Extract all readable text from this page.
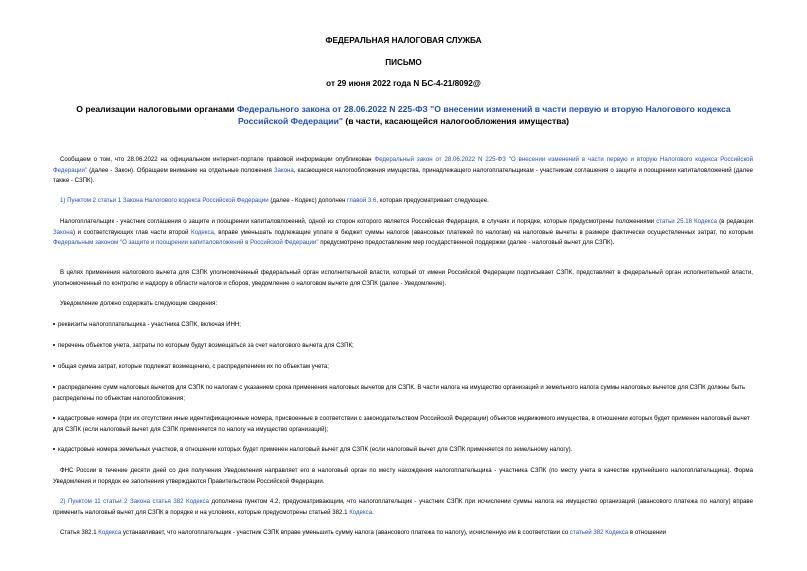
ФЕДЕРАЛЬНАЯ НАЛОГОВАЯ СЛУЖБА
ПИСЬМО
от 29 июня 2022 года N БС-4-21/8092@
О реализации налоговыми органами Федерального закона от 28.06.2022 N 225-ФЗ "О внесении изменений в части первую и вторую Налогового кодекса Российской Федерации" (в части, касающейся налогообложения имущества)
Сообщаем о том, что 28.06.2022 на официальном интернет-портале правовой информации опубликован Федеральный закон от 28.06.2022 N 225-ФЗ "О внесении изменений в части первую и вторую Налогового кодекса Российской Федерации" (далее - Закон). Обращаем внимание на отдельные положения Закона, касающиеся налогообложения имущества, принадлежащего налогоплательщикам - участникам соглашения о защите и поощрении капиталовложений (далее также - СЗПК).
1) Пунктом 2 статьи 1 Закона Налогового кодекса Российской Федерации (далее - Кодекс) дополнен главой 3.6, которая предусматривает следующее.
Налогоплательщик - участник соглашения о защите и поощрении капиталовложений, одной из сторон которого является Российская Федерация, в случаях и порядке, которые предусмотрены положениями статьи 25.18 Кодекса (в редакции Закона) и соответствующих глав части второй Кодекса, вправе уменьшать подлежащие уплате в бюджет суммы налогов (авансовых платежей по налогам) на налоговые вычеты в размере фактически осуществленных затрат, по которым Федеральным законом "О защите и поощрении капиталовложений в Российской Федерации" предусмотрено предоставление мер государственной поддержки (далее - налоговый вычет для СЗПК).
В целях применения налогового вычета для СЗПК уполномоченный федеральный орган исполнительной власти, который от имени Российской Федерации подписывает СЗПК, представляет в федеральный орган исполнительной власти, уполномоченный по контролю и надзору в области налогов и сборов, уведомление о налоговом вычете для СЗПК (далее - Уведомление).
Уведомление должно содержать следующие сведения:
реквизиты налогоплательщика - участника СЗПК, включая ИНН;
перечень объектов учета, затраты по которым будут возмещаться за счет налогового вычета для СЗПК;
общая сумма затрат, которые подлежат возмещению, с распределением их по объектам учета;
распределение сумм налоговых вычетов для СЗПК по налогам с указанием срока применения налоговых вычетов для СЗПК. В части налога на имущество организаций и земельного налога суммы налоговых вычетов для СЗПК должны быть распределены по объектам налогообложения;
кадастровые номера (при их отсутствии иные идентификационные номера, присвоенные в соответствии с законодательством Российской Федерации) объектов недвижимого имущества, в отношении которых будет применен налоговый вычет для СЗПК (если налоговый вычет для СЗПК применяется по налогу на имущество организаций);
кадастровые номера земельных участков, в отношении которых будет применен налоговый вычет для СЗПК (если налоговый вычет для СЗПК применяется по земельному налогу).
ФНС России в течение десяти дней со дня получения Уведомления направляет его в налоговый орган по месту нахождения налогоплательщика - участника СЗПК (по месту учета в качестве крупнейшего налогоплательщика). Форма Уведомления и порядок ее заполнения утверждаются Правительством Российской Федерации.
2) Пунктом 11 статьи 2 Закона статья 382 Кодекса дополнена пунктом 4.2, предусматривающим, что налогоплательщик - участник СЗПК при исчислении суммы налога на имущество организаций (авансового платежа по налогу) вправе применить налоговый вычет для СЗПК в порядке и на условиях, которые предусмотрены статьей 382.1 Кодекса.
Статья 382.1 Кодекса устанавливает, что налогоплательщик - участник СЗПК вправе уменьшить сумму налога (авансового платежа по налогу), исчисленную им в соответствии со статьей 382 Кодекса в отношении
